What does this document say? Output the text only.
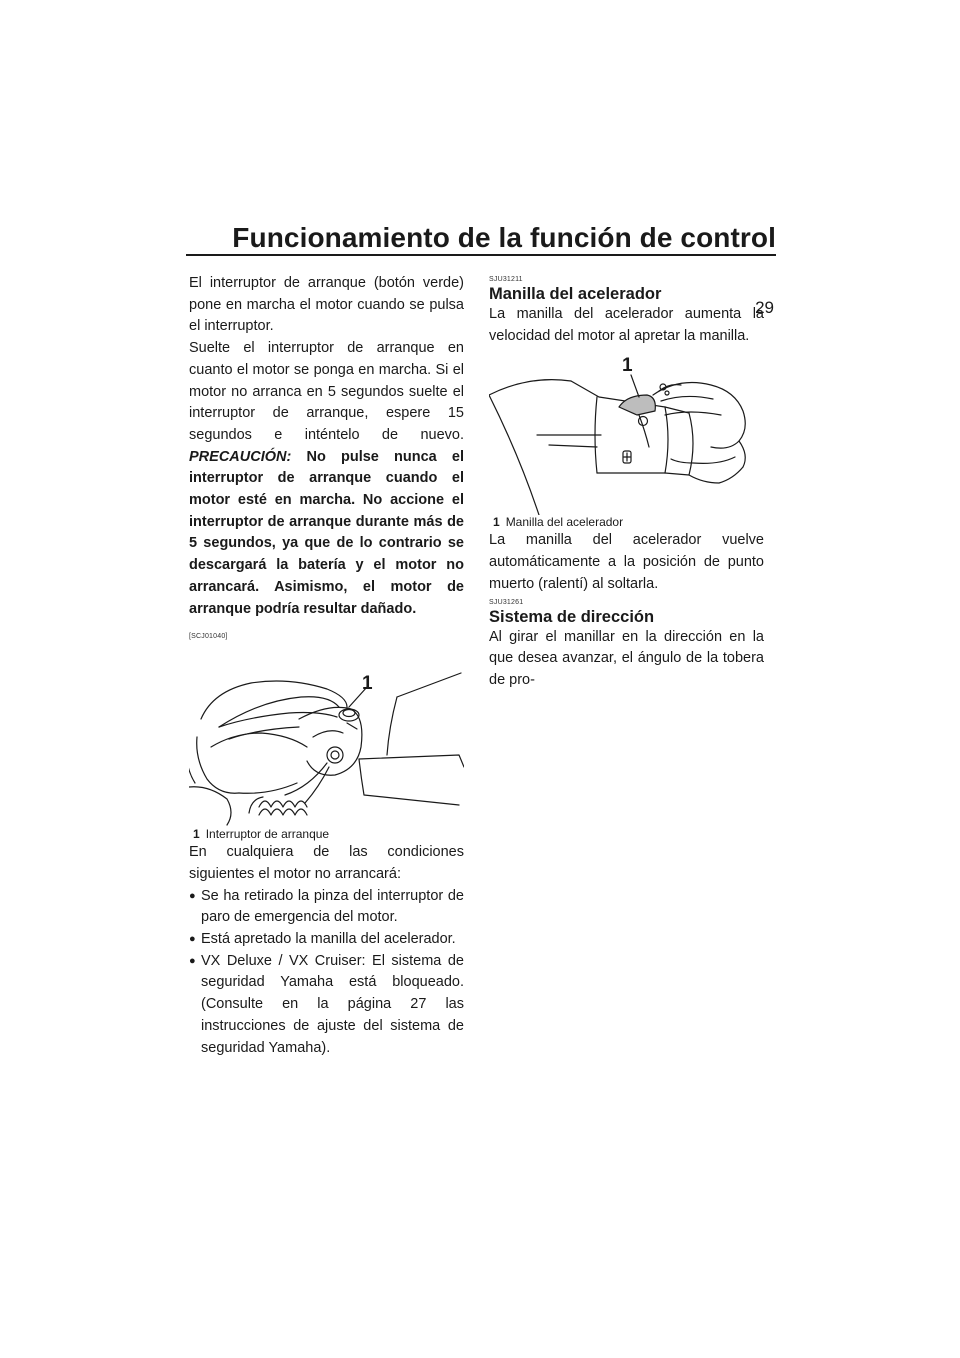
Funcionamiento de la función de control
29

El interruptor de arranque (botón verde) pone en marcha el motor cuando se pulsa el interruptor.

Suelte el interruptor de arranque en cuanto el motor se ponga en marcha. Si el motor no arranca en 5 segundos suelte el interruptor de arranque, espere 15 segundos e inténtelo de nuevo. PRECAUCIÓN: No pulse nunca el interruptor de arranque cuando el motor esté en marcha. No accione el interruptor de arranque durante más de 5 segundos, ya que de lo contrario se descargará la batería y el motor no arrancará. Asimismo, el motor de arranque podría resultar dañado.

[SCJ01040]

1

1 Interruptor de arranque

En cualquiera de las condiciones siguientes el motor no arrancará:

● Se ha retirado la pinza del interruptor de paro de emergencia del motor.
● Está apretado la manilla del acelerador.
● VX Deluxe / VX Cruiser: El sistema de seguridad Yamaha está bloqueado. (Consulte en la página 27 las instrucciones de ajuste del sistema de seguridad Yamaha).

SJU31211

Manilla del acelerador

La manilla del acelerador aumenta la velocidad del motor al apretar la manilla.

1

1 Manilla del acelerador

La manilla del acelerador vuelve automáticamente a la posición de punto muerto (ralentí) al soltarla.

SJU31261

Sistema de dirección

Al girar el manillar en la dirección en la que desea avanzar, el ángulo de la tobera de pro-
